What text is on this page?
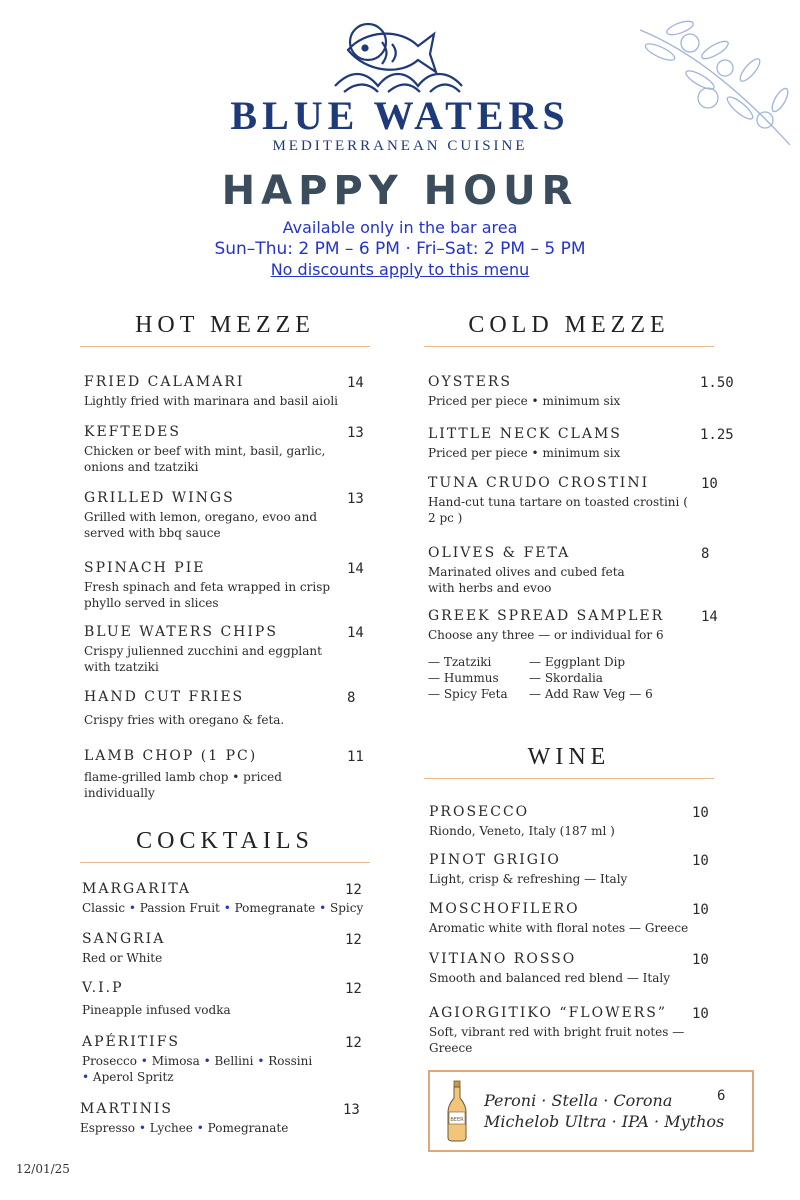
BLUE WATERS
MEDITERRANEAN CUISINE
HAPPY HOUR
Available only in the bar area
Sun–Thu: 2 PM – 6 PM · Fri–Sat: 2 PM – 5 PM
No discounts apply to this menu
HOT MEZZE
FRIED CALAMARI
Lightly fried with marinara and basil aioli
14
KEFTEDES
Chicken or beef with mint, basil, garlic, onions and tzatziki
13
GRILLED WINGS
Grilled with lemon, oregano, evoo and served with bbq sauce
13
SPINACH PIE
Fresh spinach and feta wrapped in crisp phyllo served in slices
14
BLUE WATERS CHIPS
Crispy julienned zucchini and eggplant with tzatziki
14
HAND CUT FRIES
Crispy fries with oregano & feta.
8
LAMB CHOP (1 PC)
flame-grilled lamb chop • priced individually
11
COCKTAILS
MARGARITA
Classic • Passion Fruit • Pomegranate • Spicy
12
SANGRIA
Red or White
12
V.I.P
Pineapple infused vodka
12
APÉRITIFS
Prosecco • Mimosa • Bellini • Rossini
• Aperol Spritz
12
MARTINIS
Espresso • Lychee • Pomegranate
13
COLD MEZZE
OYSTERS
Priced per piece • minimum six
1.50
LITTLE NECK CLAMS
Priced per piece • minimum six
1.25
TUNA CRUDO CROSTINI
Hand-cut tuna tartare on toasted crostini ( 2 pc )
10
OLIVES & FETA
Marinated olives and cubed feta with herbs and evoo
8
GREEK SPREAD SAMPLER
Choose any three — or individual for 6
14
— Tzatziki
— Hummus
— Spicy Feta
— Eggplant Dip
— Skordalia
— Add Raw Veg — 6
WINE
PROSECCO
Riondo, Veneto, Italy (187 ml )
10
PINOT GRIGIO
Light, crisp & refreshing — Italy
10
MOSCHOFILERO
Aromatic white with floral notes — Greece
10
VITIANO ROSSO
Smooth and balanced red blend — Italy
10
AGIORGITIKO “FLOWERS”
Soft, vibrant red with bright fruit notes — Greece
10
BEER
Peroni · Stella · Corona
Michelob Ultra · IPA · Mythos
6
12/01/25
